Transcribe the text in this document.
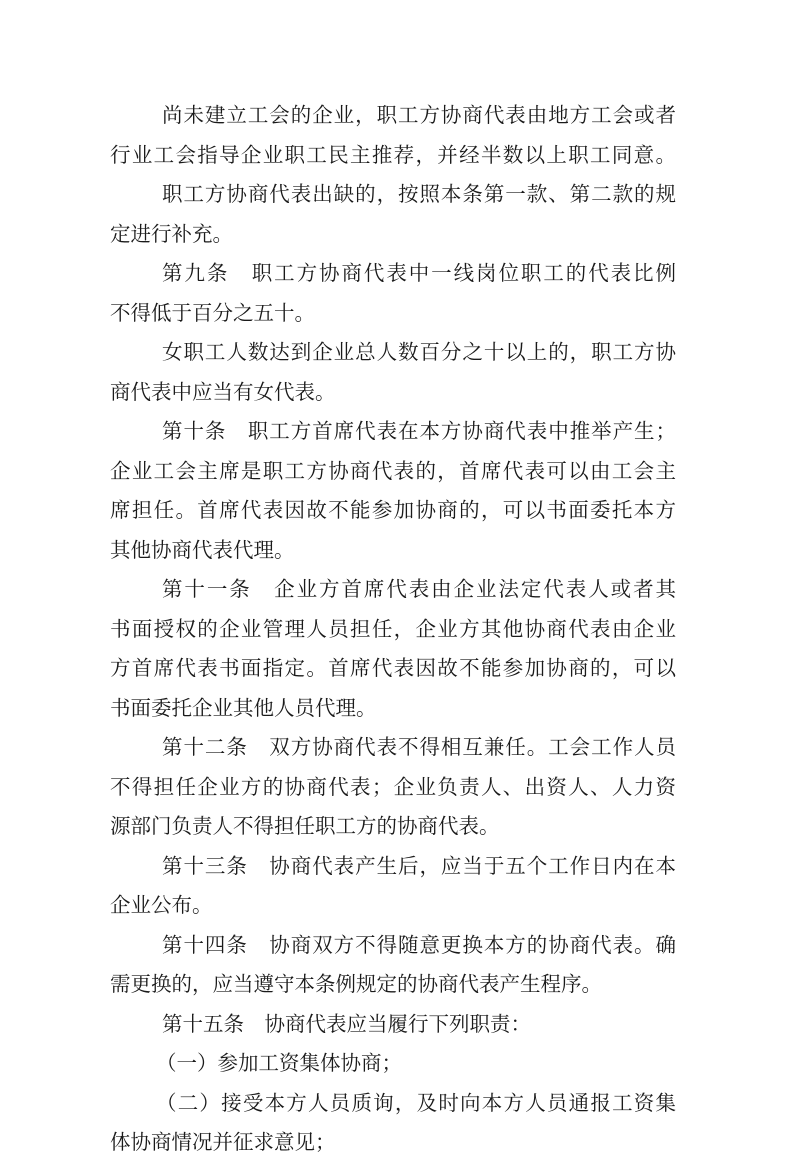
尚未建立工会的企业，职工方协商代表由地方工会或者
行业工会指导企业职工民主推荐，并经半数以上职工同意。
职工方协商代表出缺的，按照本条第一款、第二款的规
定进行补充。
第九条　职工方协商代表中一线岗位职工的代表比例
不得低于百分之五十。
女职工人数达到企业总人数百分之十以上的，职工方协
商代表中应当有女代表。
第十条　职工方首席代表在本方协商代表中推举产生；
企业工会主席是职工方协商代表的，首席代表可以由工会主
席担任。首席代表因故不能参加协商的，可以书面委托本方
其他协商代表代理。
第十一条　企业方首席代表由企业法定代表人或者其
书面授权的企业管理人员担任，企业方其他协商代表由企业
方首席代表书面指定。首席代表因故不能参加协商的，可以
书面委托企业其他人员代理。
第十二条　双方协商代表不得相互兼任。工会工作人员
不得担任企业方的协商代表；企业负责人、出资人、人力资
源部门负责人不得担任职工方的协商代表。
第十三条　协商代表产生后，应当于五个工作日内在本
企业公布。
第十四条　协商双方不得随意更换本方的协商代表。确
需更换的，应当遵守本条例规定的协商代表产生程序。
第十五条　协商代表应当履行下列职责：
（一）参加工资集体协商；
（二）接受本方人员质询，及时向本方人员通报工资集
体协商情况并征求意见；
